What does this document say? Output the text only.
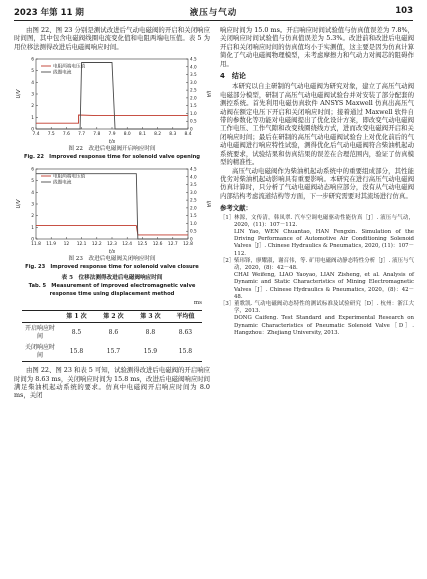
2023 年第 11 期	液压与气动	103

由图 22、图 23 分别是测试改进后气动电磁阀的开启和关闭响应时间图，其中包含电磁阀线圈电流变化值和电阻两端电压值。表 5 为用位移法测得改进后电磁阀响应时间。

7.4 7.5 7.6 7.7 7.8 7.9 8.0 8.1 8.2 8.3 8.4
0
1
2
3
4
5
6
0
0.5
1.0
1.5
2.0
2.5
3.0
3.5
4.0
4.5
t/s
U/V	I/A
电阻两端电压值
线圈电流
图 22　改进后电磁阀开启响应时间
Fig. 22　Improved response time for solenoid valve opening
11.8 11.9 12 12.1 12.2 12.3 12.4 12.5 12.6 12.7 12.8
0
1
2
3
4
5
6
0
0.5
1.0
1.5
2.0
2.5
3.0
3.5
4.0
4.5
t/s
U/V	I/A
电阻两端电压值
线圈电流
图 23　改进后电磁阀关闭响应时间
Fig. 23　Improved response time for solenoid valve closure
表 5　位移法测得改进后电磁阀响应时间
Tab. 5　Measurement of improved electromagnetic valve
response time using displacement method
ms
	第 1 次	第 2 次	第 3 次	平均值
开启响应时间	8.5	8.6	8.8	8.63
关闭响应时间	15.8	15.7	15.9	15.8

由图 22、图 23 和表 5 可知，试验测得改进后电磁阀的开启响应时间为 8.63 ms，关闭响应时间为 15.8 ms，改进后电磁阀响应时间满足柴油机起动系统的要求。仿真中电磁阀开启响应时间为 8.0 ms，关闭

响应时间为 15.0 ms。开启响应时间试验值与仿真值误差为 7.8%，关闭响应时间试验值与仿真值误差为 5.3%。改进前和改进后电磁阀开启和关闭响应时间的仿真值均小于实测值，这主要是因为仿真计算简化了气动电磁阀物理模型，未考虑摩擦力和气动力对阀芯的阻碍作用。

4　结论

本研究以自主研制的气动电磁阀为研究对象，建立了高压气动阀电磁部分模型，研制了高压气动电磁阀试验台并对安装了部分配套的测控系统。首先利用电磁仿真软件 ANSYS Maxwell 仿真出高压气动阀在额定电压下开启和关闭响应时间；接着通过 Maxwell 软件自带的参数化等功能对电磁阀提出了优化设计方案，即改变气动电磁阀工作电压、工作气隙和改变线圈绕线方式，进而改变电磁阀开启和关闭响应时间；最后在研制的高压气动电磁阀试验台上对优化前后的气动电磁阀进行响应特性试验，测得优化后气动电磁阀符合柴油机起动系统要求，试验结果和仿真结果的误差在合理范围内，验证了仿真模型的精准性。

高压气动电磁阀作为柴油机起动系统中的重要组成部分，其性能优劣对柴油机起动影响具有重要影响。本研究在进行高压气动电磁阀仿真计算时，只分析了气动电磁阀动态响应部分，没有从气动电磁阀内部结构考虑流道结构等方面，下一步研究需要对其流场进行仿真。

参考文献：
［1］ 林源，文传清，韩凤翠. 汽车空调电磁驱动性能仿真［J］. 液压与气动，2020，(11)：107－112.
LIN Yao, WEN Chuantao, HAN Fengxin. Simulation of the Driving Performance of Automotive Air Conditioning Solenoid Valves［J］. Chinese Hydraulics & Pneumatics, 2020, (11)：107－112.
［2］ 柴玮锋，廖耀淑，谢召伟，等. 矿用电磁阀动静态特性分析［J］. 液压与气动，2020，(8)：42－48.
CHAI Weifeng, LIAO Yaoyao, LIAN Zisheng, et al. Analysis of Dynamic and Static Characteristics of Mining Electromagnetic Valves［J］. Chinese Hydraulics & Pneumatics, 2020，(8)：42－48.
［3］ 董歌凯. 气动电磁阀动态特性的测试标准及试验研究［D］. 杭州：浙江大学，2013.
DONG Caifeng. Test Standard and Experimental Research on Dynamic Characteristics of Pneumatic Solenoid Valve［D］. Hangzhou：Zhejiang University, 2013.
